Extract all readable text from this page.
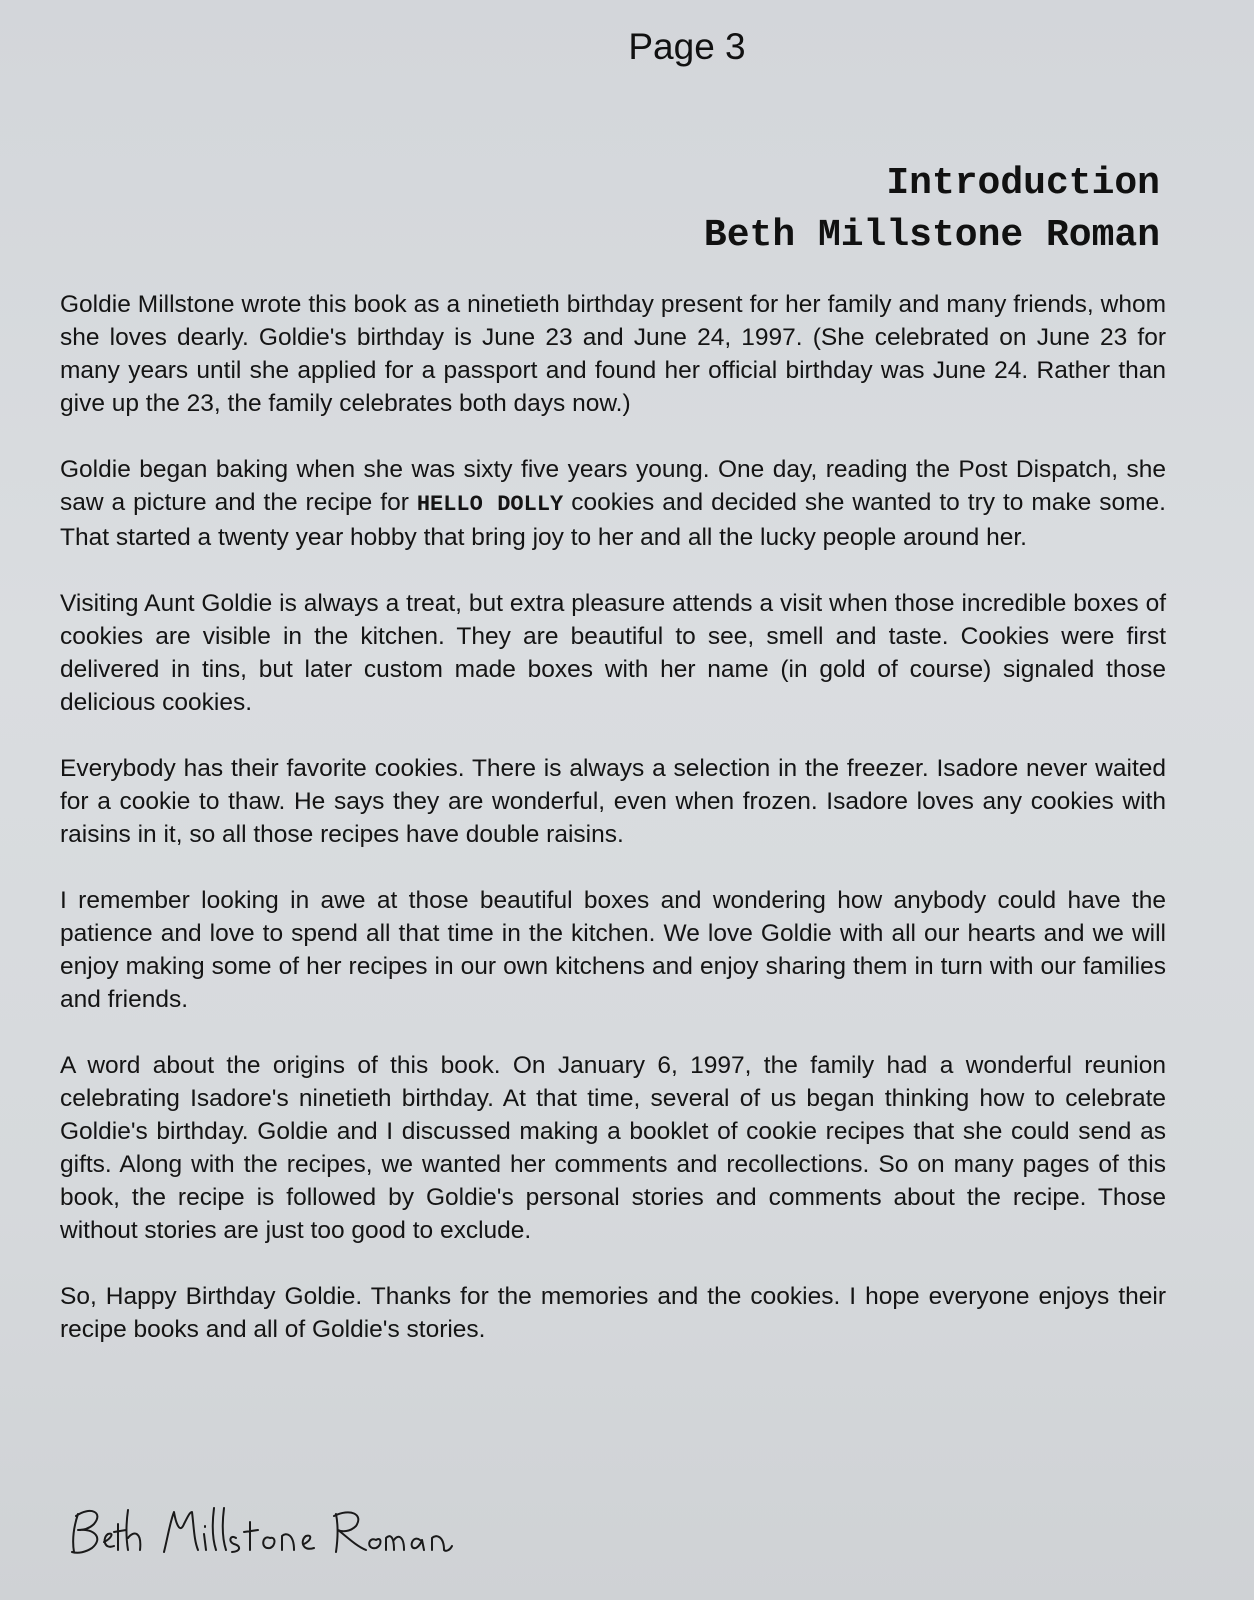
Page 3
Introduction
Beth Millstone Roman

Goldie Millstone wrote this book as a ninetieth birthday present for her family and many friends, whom she loves dearly. Goldie's birthday is June 23 and June 24, 1997. (She celebrated on June 23 for many years until she applied for a passport and found her official birthday was June 24. Rather than give up the 23, the family celebrates both days now.)

Goldie began baking when she was sixty five years young. One day, reading the Post Dispatch, she saw a picture and the recipe for HELLO DOLLY cookies and decided she wanted to try to make some. That started a twenty year hobby that bring joy to her and all the lucky people around her.

Visiting Aunt Goldie is always a treat, but extra pleasure attends a visit when those incredible boxes of cookies are visible in the kitchen. They are beautiful to see, smell and taste. Cookies were first delivered in tins, but later custom made boxes with her name (in gold of course) signaled those delicious cookies.

Everybody has their favorite cookies. There is always a selection in the freezer. Isadore never waited for a cookie to thaw. He says they are wonderful, even when frozen. Isadore loves any cookies with raisins in it, so all those recipes have double raisins.

I remember looking in awe at those beautiful boxes and wondering how anybody could have the patience and love to spend all that time in the kitchen. We love Goldie with all our hearts and we will enjoy making some of her recipes in our own kitchens and enjoy sharing them in turn with our families and friends.

A word about the origins of this book. On January 6, 1997, the family had a wonderful reunion celebrating Isadore's ninetieth birthday. At that time, several of us began thinking how to celebrate Goldie's birthday. Goldie and I discussed making a booklet of cookie recipes that she could send as gifts. Along with the recipes, we wanted her comments and recollections. So on many pages of this book, the recipe is followed by Goldie's personal stories and comments about the recipe. Those without stories are just too good to exclude.

So, Happy Birthday Goldie. Thanks for the memories and the cookies. I hope everyone enjoys their recipe books and all of Goldie's stories.
